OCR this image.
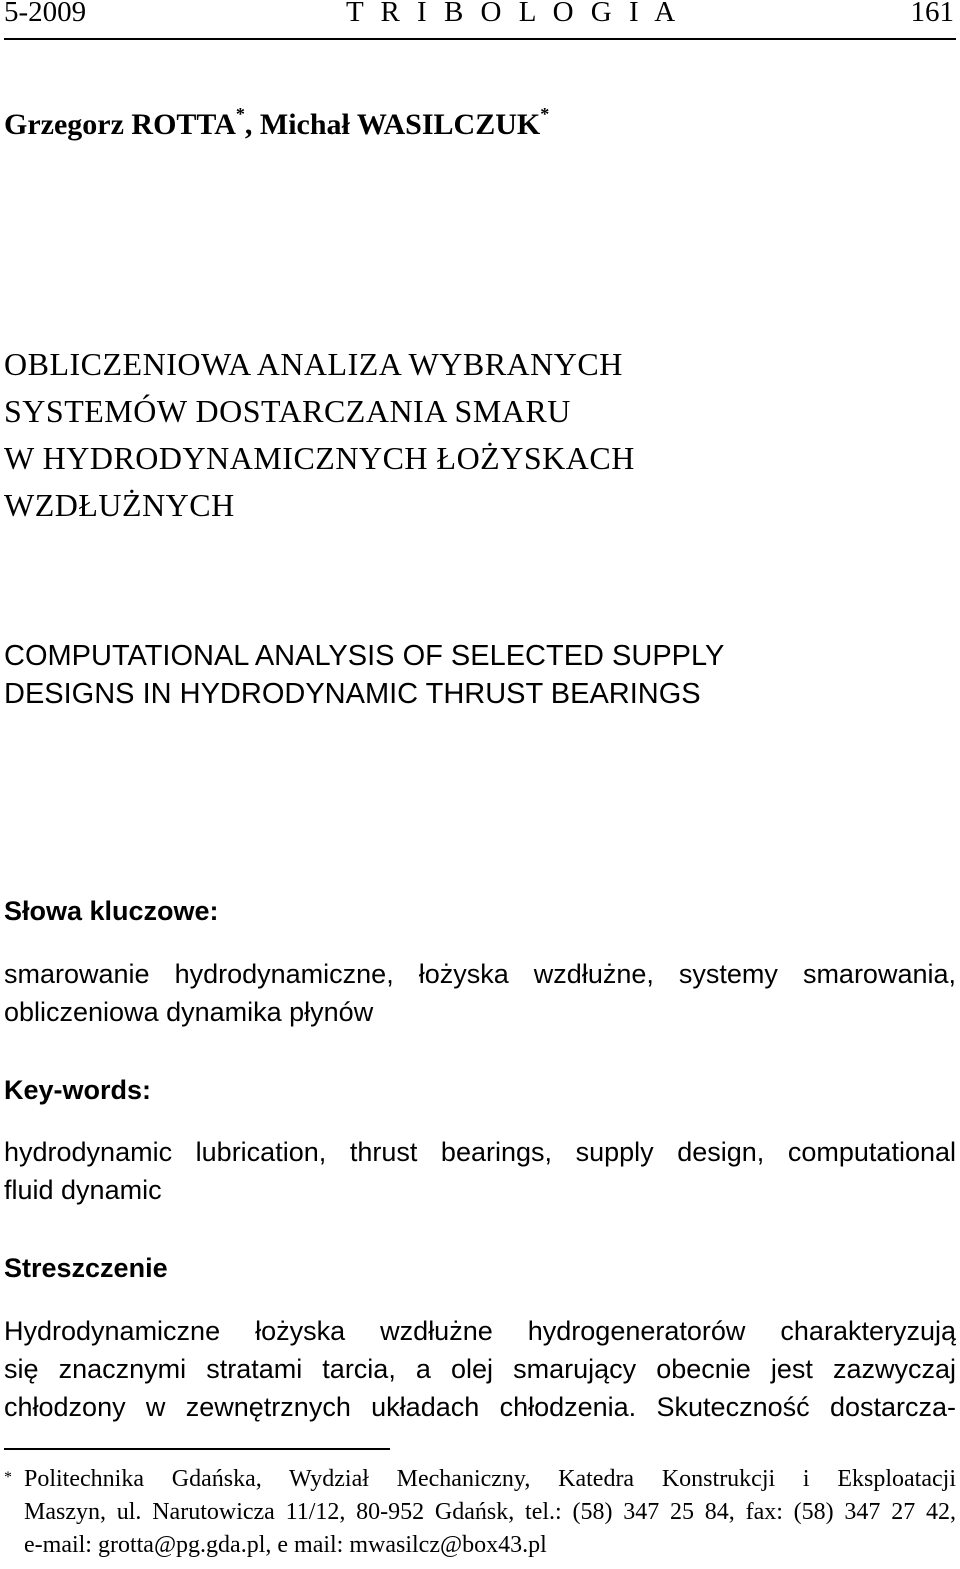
5-2009	T R I B O L O G I A	161
Grzegorz ROTTA*, Michał WASILCZUK*
OBLICZENIOWA ANALIZA WYBRANYCH
SYSTEMÓW DOSTARCZANIA SMARU
W HYDRODYNAMICZNYCH ŁOŻYSKACH
WZDŁUŻNYCH
COMPUTATIONAL ANALYSIS OF SELECTED SUPPLY
DESIGNS IN HYDRODYNAMIC THRUST BEARINGS
Słowa kluczowe:
smarowanie hydrodynamiczne, łożyska wzdłużne, systemy smarowania,
obliczeniowa dynamika płynów
Key-words:
hydrodynamic lubrication, thrust bearings, supply design, computational
fluid dynamic
Streszczenie
Hydrodynamiczne łożyska wzdłużne hydrogeneratorów charakteryzują
się znacznymi stratami tarcia, a olej smarujący obecnie jest zazwyczaj
chłodzony w zewnętrznych układach chłodzenia. Skuteczność dostarcza-
* Politechnika Gdańska, Wydział Mechaniczny, Katedra Konstrukcji i Eksploatacji
Maszyn, ul. Narutowicza 11/12, 80-952 Gdańsk, tel.: (58) 347 25 84, fax: (58) 347 27 42,
e-mail: grotta@pg.gda.pl, e mail: mwasilcz@box43.pl
